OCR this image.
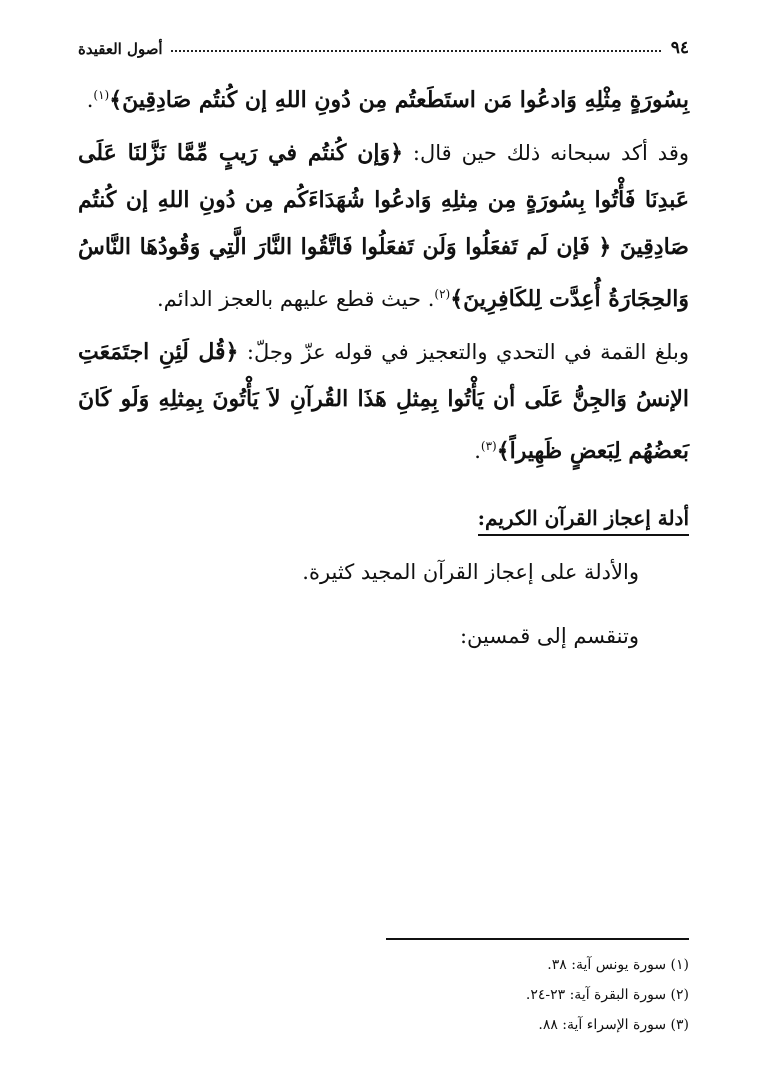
٩٤
أصول العقيدة

بِسُورَةٍ مِثْلِهِ وَادعُوا مَن استَطَعتُم مِن دُونِ اللهِ إن كُنتُم صَادِقِينَ﴾$^{(١)}$.

وقد أكد سبحانه ذلك حين قال: ﴿وَإن كُنتُم في رَيبٍ مِّمَّا نَزَّلنَا عَلَى عَبدِنَا فَأْتُوا بِسُورَةٍ مِن مِثلِهِ وَادعُوا شُهَدَاءَكُم مِن دُونِ اللهِ إن كُنتُم صَادِقِينَ ﴿ فَإن لَم تَفعَلُوا وَلَن تَفعَلُوا فَاتَّقُوا النَّارَ الَّتِي وَقُودُهَا النَّاسُ وَالحِجَارَةُ أُعِدَّت لِلكَافِرِينَ﴾$^{(٢)}$. حيث قطع عليهم بالعجز الدائم.

وبلغ القمة في التحدي والتعجيز في قوله عزّ وجلّ: ﴿قُل لَئِنِ اجتَمَعَتِ الإنسُ وَالجِنُّ عَلَى أن يَأْتُوا بِمِثلِ هَذَا القُرآنِ لاَ يَأْتُونَ بِمِثلِهِ وَلَو كَانَ بَعضُهُم لِبَعضٍ ظَهِيراً﴾$^{(٣)}$.

أدلة إعجاز القرآن الكريم:
والأدلة على إعجاز القرآن المجيد كثيرة.
وتنقسم إلى قمسين:
(١) سورة يونس آية: ٣٨.
(٢) سورة البقرة آية: ٢٣-٢٤.
(٣) سورة الإسراء آية: ٨٨.
